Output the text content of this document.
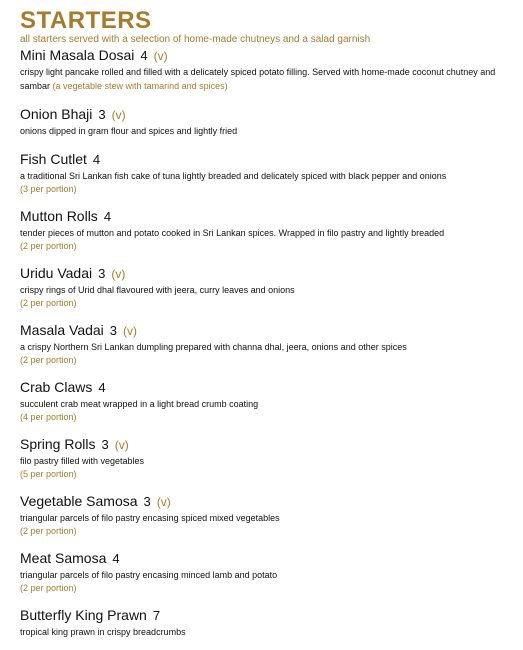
STARTERS
all starters served with a selection of home-made chutneys and a salad garnish
Mini Masala Dosai 4 (v)
crispy light pancake rolled and filled with a delicately spiced potato filling. Served with home-made coconut chutney and sambar (a vegetable stew with tamarind and spices)
Onion Bhaji 3 (v)
onions dipped in gram flour and spices and lightly fried
Fish Cutlet 4
a traditional Sri Lankan fish cake of tuna lightly breaded and delicately spiced with black pepper and onions
(3 per portion)
Mutton Rolls 4
tender pieces of mutton and potato cooked in Sri Lankan spices. Wrapped in filo pastry and lightly breaded
(2 per portion)
Uridu Vadai 3 (v)
crispy rings of Urid dhal flavoured with jeera, curry leaves and onions
(2 per portion)
Masala Vadai 3 (v)
a crispy Northern Sri Lankan dumpling prepared with channa dhal, jeera, onions and other spices
(2 per portion)
Crab Claws 4
succulent crab meat wrapped in a light bread crumb coating
(4 per portion)
Spring Rolls 3 (v)
filo pastry filled with vegetables
(5 per portion)
Vegetable Samosa 3 (v)
triangular parcels of filo pastry encasing spiced mixed vegetables
(2 per portion)
Meat Samosa 4
triangular parcels of filo pastry encasing minced lamb and potato
(2 per portion)
Butterfly King Prawn 7
tropical king prawn in crispy breadcrumbs
